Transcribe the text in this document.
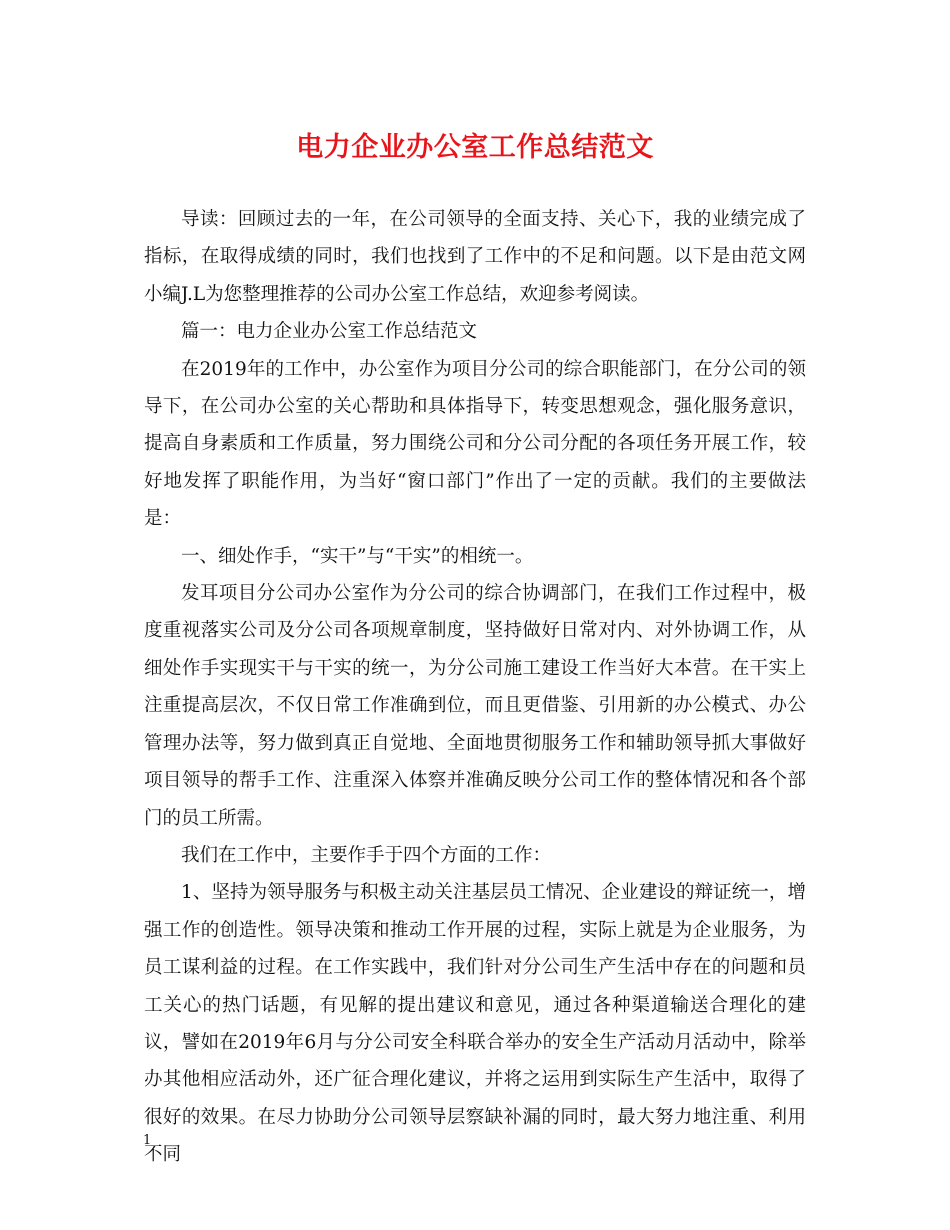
电力企业办公室工作总结范文

导读：回顾过去的一年，在公司领导的全面支持、关心下，我的业绩完成了指标，在取得成绩的同时，我们也找到了工作中的不足和问题。以下是由范文网小编J.L为您整理推荐的公司办公室工作总结，欢迎参考阅读。

篇一：电力企业办公室工作总结范文

在2019年的工作中，办公室作为项目分公司的综合职能部门，在分公司的领导下，在公司办公室的关心帮助和具体指导下，转变思想观念，强化服务意识，提高自身素质和工作质量，努力围绕公司和分公司分配的各项任务开展工作，较好地发挥了职能作用，为当好“窗口部门”作出了一定的贡献。我们的主要做法是：

一、细处作手，“实干”与“干实”的相统一。

发耳项目分公司办公室作为分公司的综合协调部门，在我们工作过程中，极度重视落实公司及分公司各项规章制度，坚持做好日常对内、对外协调工作，从细处作手实现实干与干实的统一，为分公司施工建设工作当好大本营。在干实上注重提高层次，不仅日常工作准确到位，而且更借鉴、引用新的办公模式、办公管理办法等，努力做到真正自觉地、全面地贯彻服务工作和辅助领导抓大事做好项目领导的帮手工作、注重深入体察并准确反映分公司工作的整体情况和各个部门的员工所需。

我们在工作中，主要作手于四个方面的工作：

1、坚持为领导服务与积极主动关注基层员工情况、企业建设的辩证统一，增强工作的创造性。领导决策和推动工作开展的过程，实际上就是为企业服务，为员工谋利益的过程。在工作实践中，我们针对分公司生产生活中存在的问题和员工关心的热门话题，有见解的提出建议和意见，通过各种渠道输送合理化的建议，譬如在2019年6月与分公司安全科联合举办的安全生产活动月活动中，除举办其他相应活动外，还广征合理化建议，并将之运用到实际生产生活中，取得了很好的效果。在尽力协助分公司领导层察缺补漏的同时，最大努力地注重、利用不同

1
